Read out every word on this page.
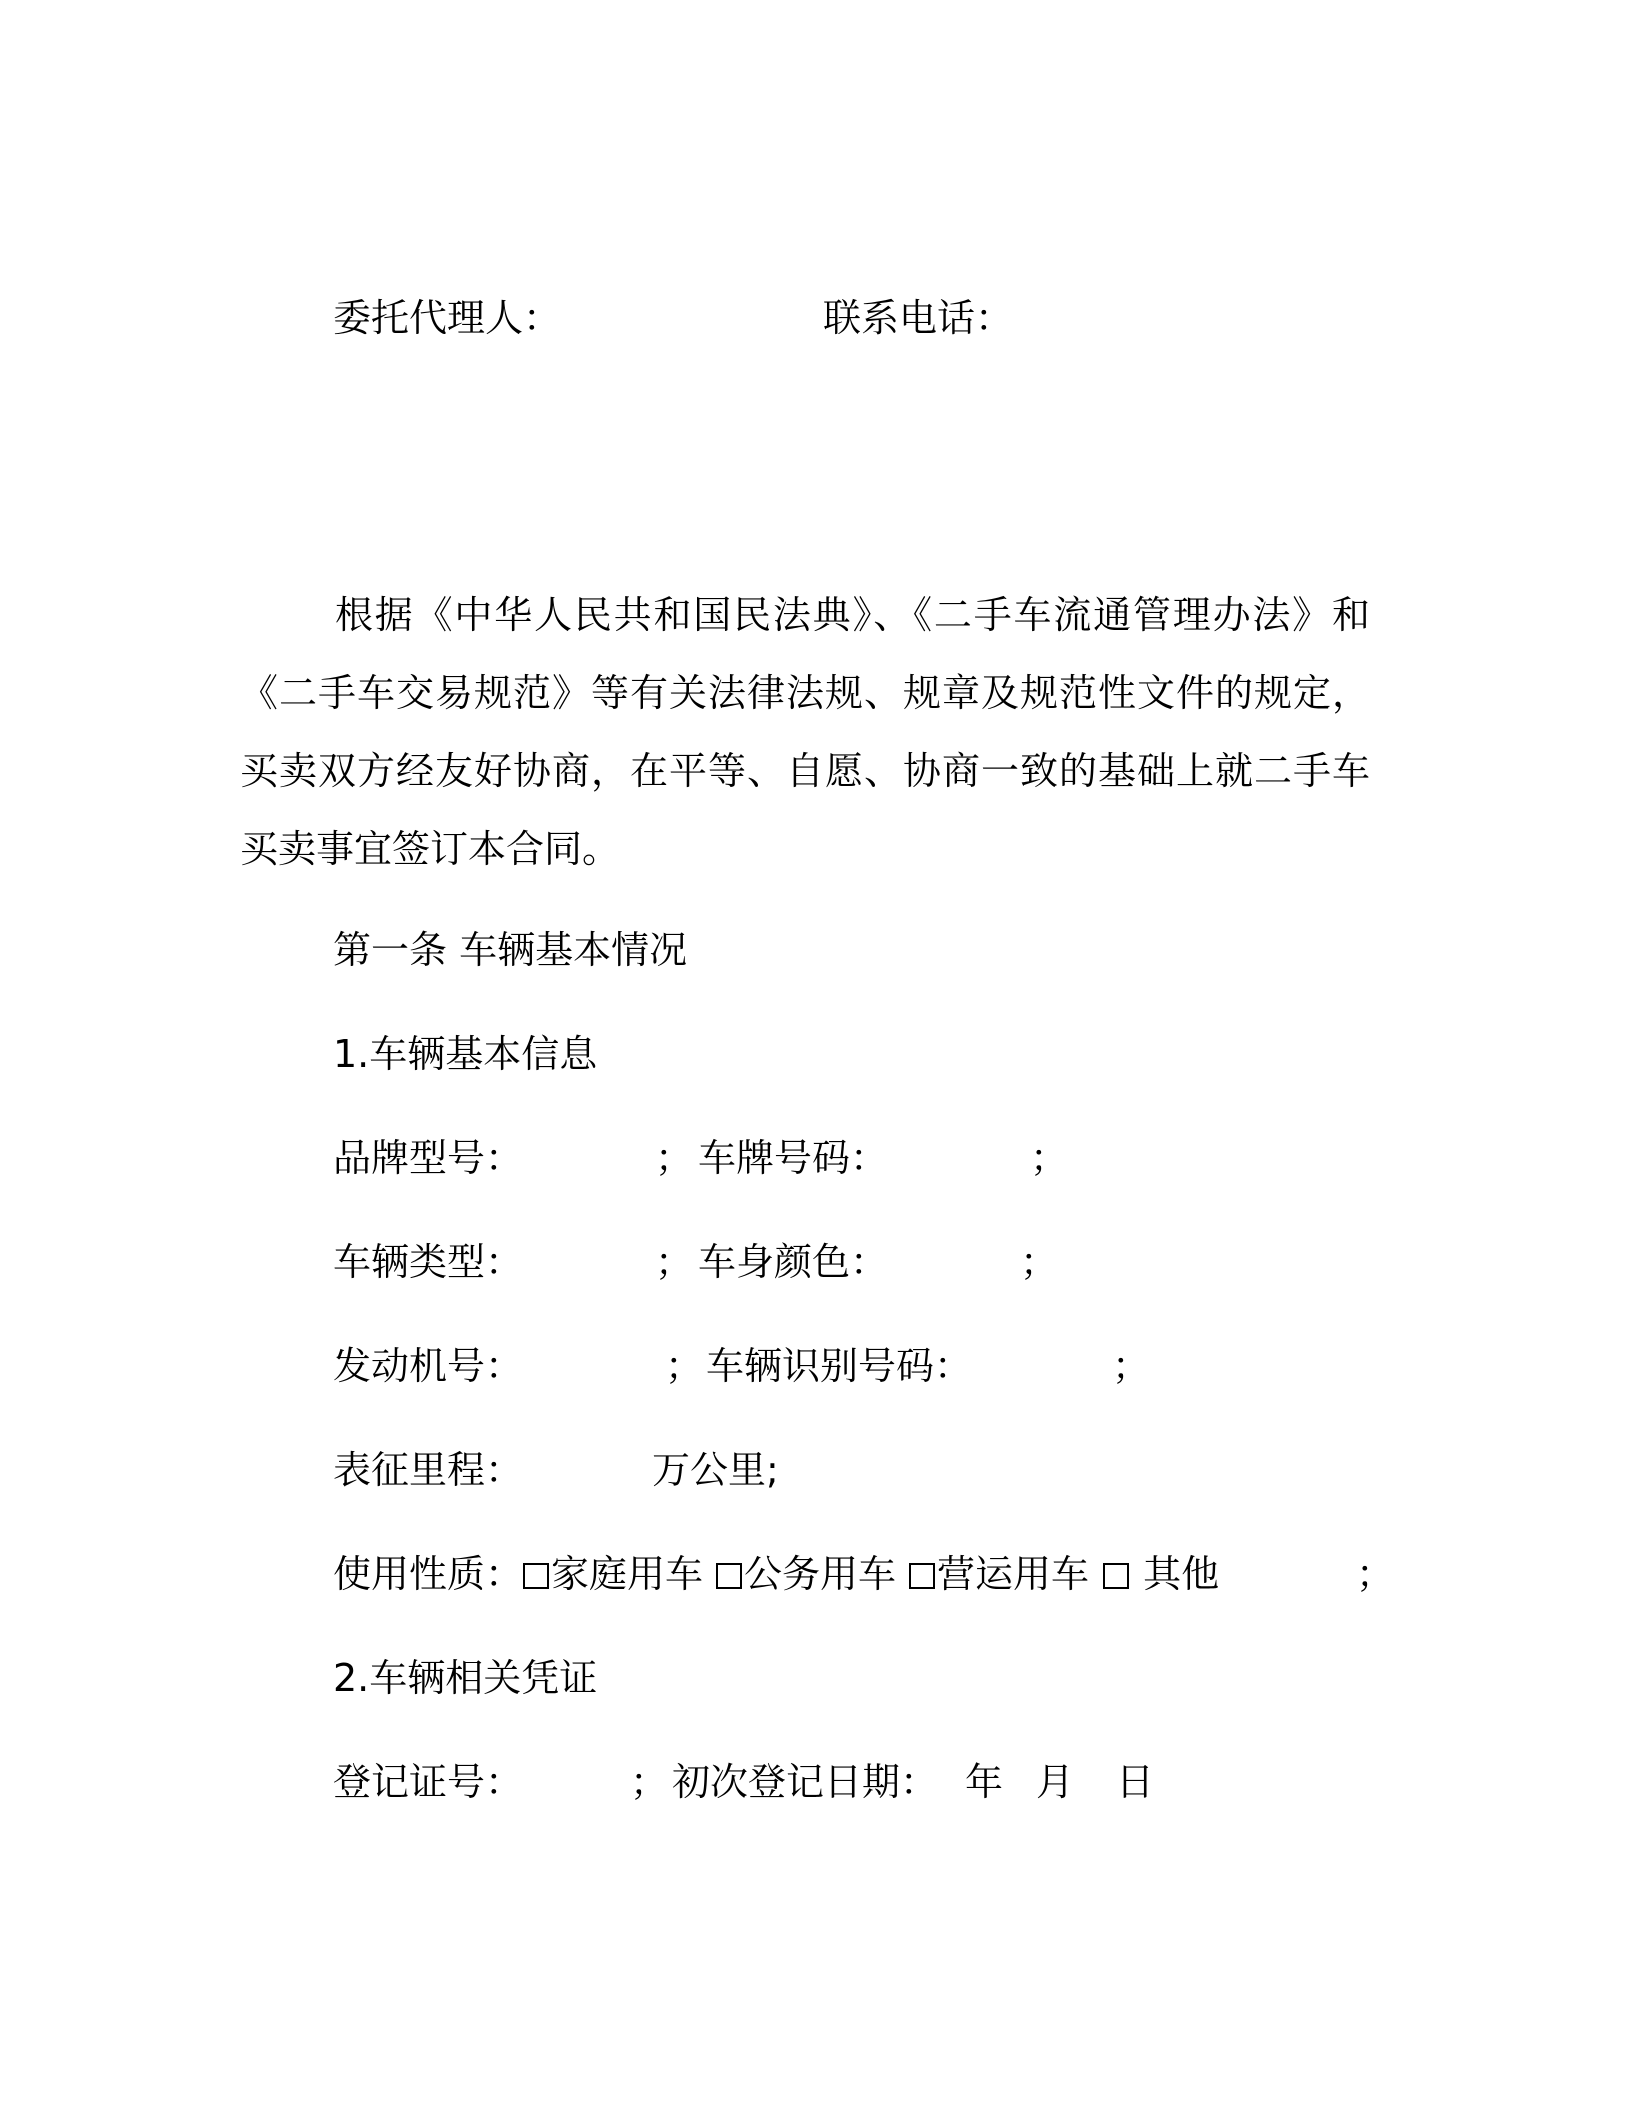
委托代理人：	联系电话：
根据《中华人民共和国民法典》、《二手车流通管理办法》和《二手车交易规范》等有关法律法规、规章及规范性文件的规定，买卖双方经友好协商，在平等、自愿、协商一致的基础上就二手车买卖事宜签订本合同。
第一条 车辆基本情况
1.车辆基本信息
品牌型号：	； 车牌号码：	；
车辆类型：	； 车身颜色：	；
发动机号：	； 车辆识别号码：	；
表征里程：	万公里;
使用性质： 家庭用车	公务用车	营运用车	其他	；
2.车辆相关凭证
登记证号：	； 初次登记日期： 年 月 日
